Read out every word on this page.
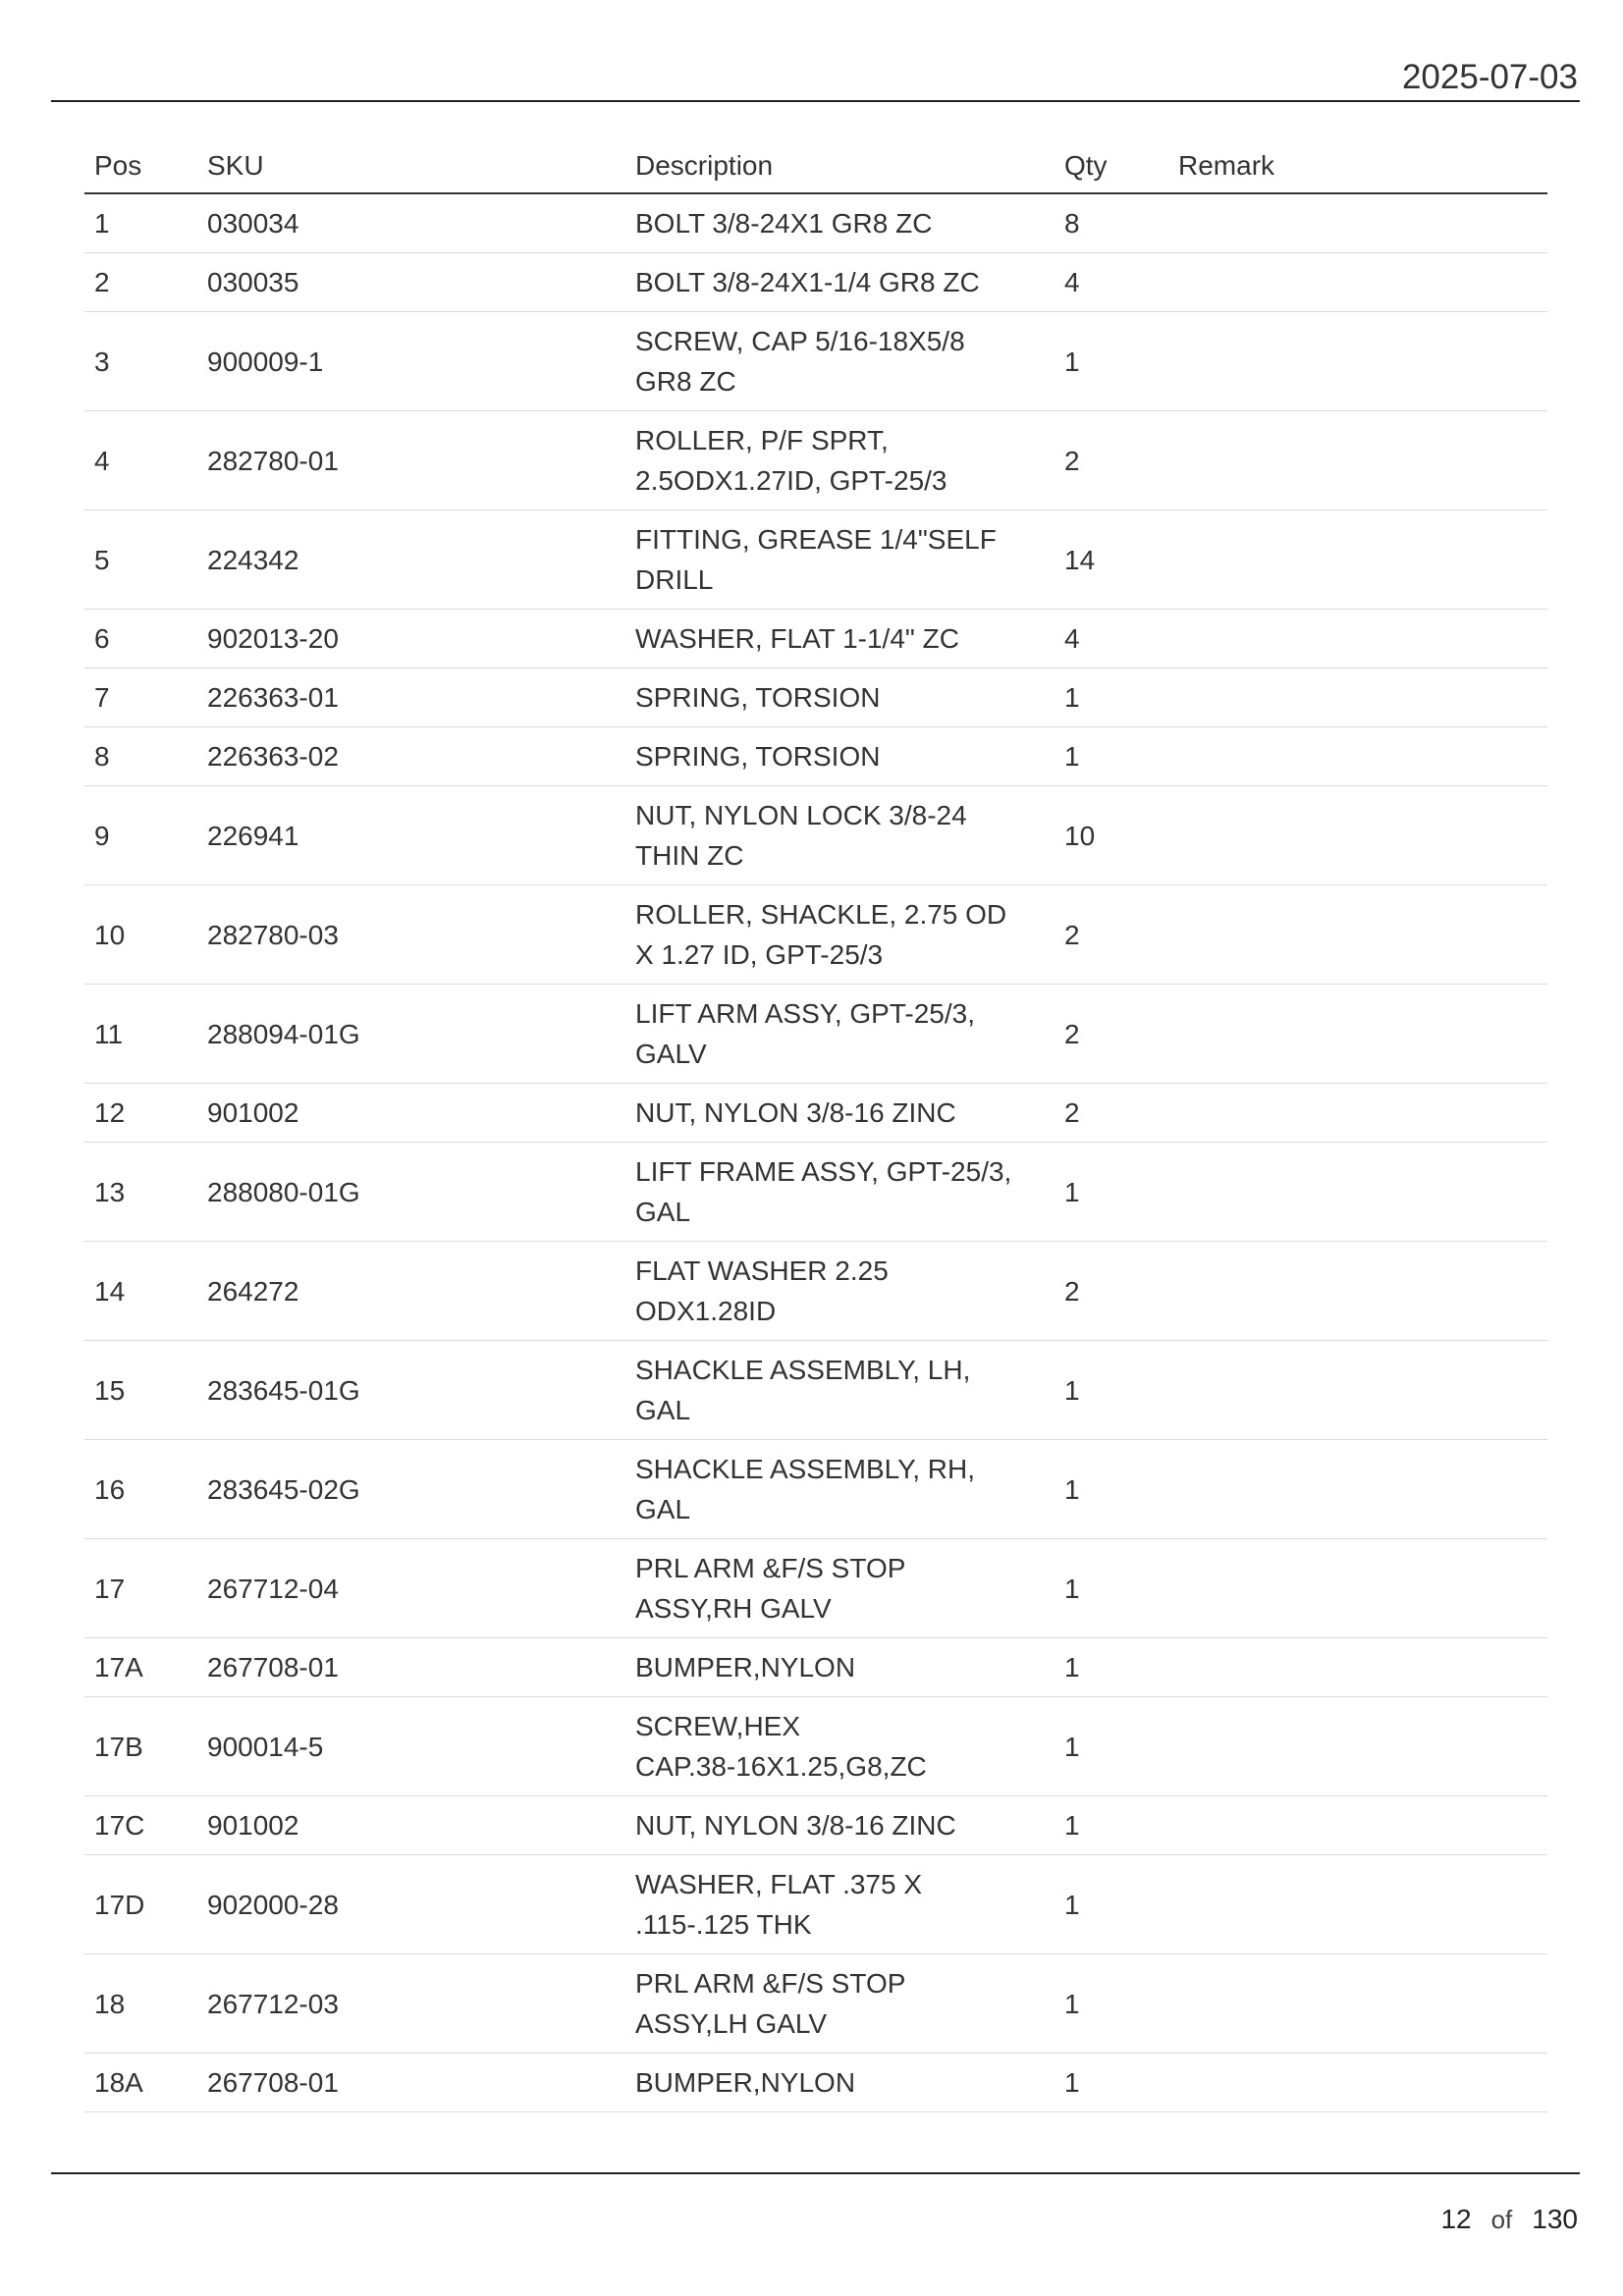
2025-07-03
Pos	SKU	Description	Qty	Remark
1	030034	BOLT 3/8-24X1 GR8 ZC	8	
2	030035	BOLT 3/8-24X1-1/4 GR8 ZC	4	
3	900009-1	SCREW, CAP 5/16-18X5/8
GR8 ZC	1	
4	282780-01	ROLLER, P/F SPRT,
2.5ODX1.27ID, GPT-25/3	2	
5	224342	FITTING, GREASE 1/4"SELF
DRILL	14	
6	902013-20	WASHER, FLAT 1-1/4" ZC	4	
7	226363-01	SPRING, TORSION	1	
8	226363-02	SPRING, TORSION	1	
9	226941	NUT, NYLON LOCK 3/8-24
THIN ZC	10	
10	282780-03	ROLLER, SHACKLE, 2.75 OD
X 1.27 ID, GPT-25/3	2	
11	288094-01G	LIFT ARM ASSY, GPT-25/3,
GALV	2	
12	901002	NUT, NYLON 3/8-16 ZINC	2	
13	288080-01G	LIFT FRAME ASSY, GPT-25/3,
GAL	1	
14	264272	FLAT WASHER 2.25
ODX1.28ID	2	
15	283645-01G	SHACKLE ASSEMBLY, LH,
GAL	1	
16	283645-02G	SHACKLE ASSEMBLY, RH,
GAL	1	
17	267712-04	PRL ARM &F/S STOP
ASSY,RH GALV	1	
17A	267708-01	BUMPER,NYLON	1	
17B	900014-5	SCREW,HEX
CAP.38-16X1.25,G8,ZC	1	
17C	901002	NUT, NYLON 3/8-16 ZINC	1	
17D	902000-28	WASHER, FLAT .375 X
.115-.125 THK	1	
18	267712-03	PRL ARM &F/S STOP
ASSY,LH GALV	1	
18A	267708-01	BUMPER,NYLON	1	
12 of 130
